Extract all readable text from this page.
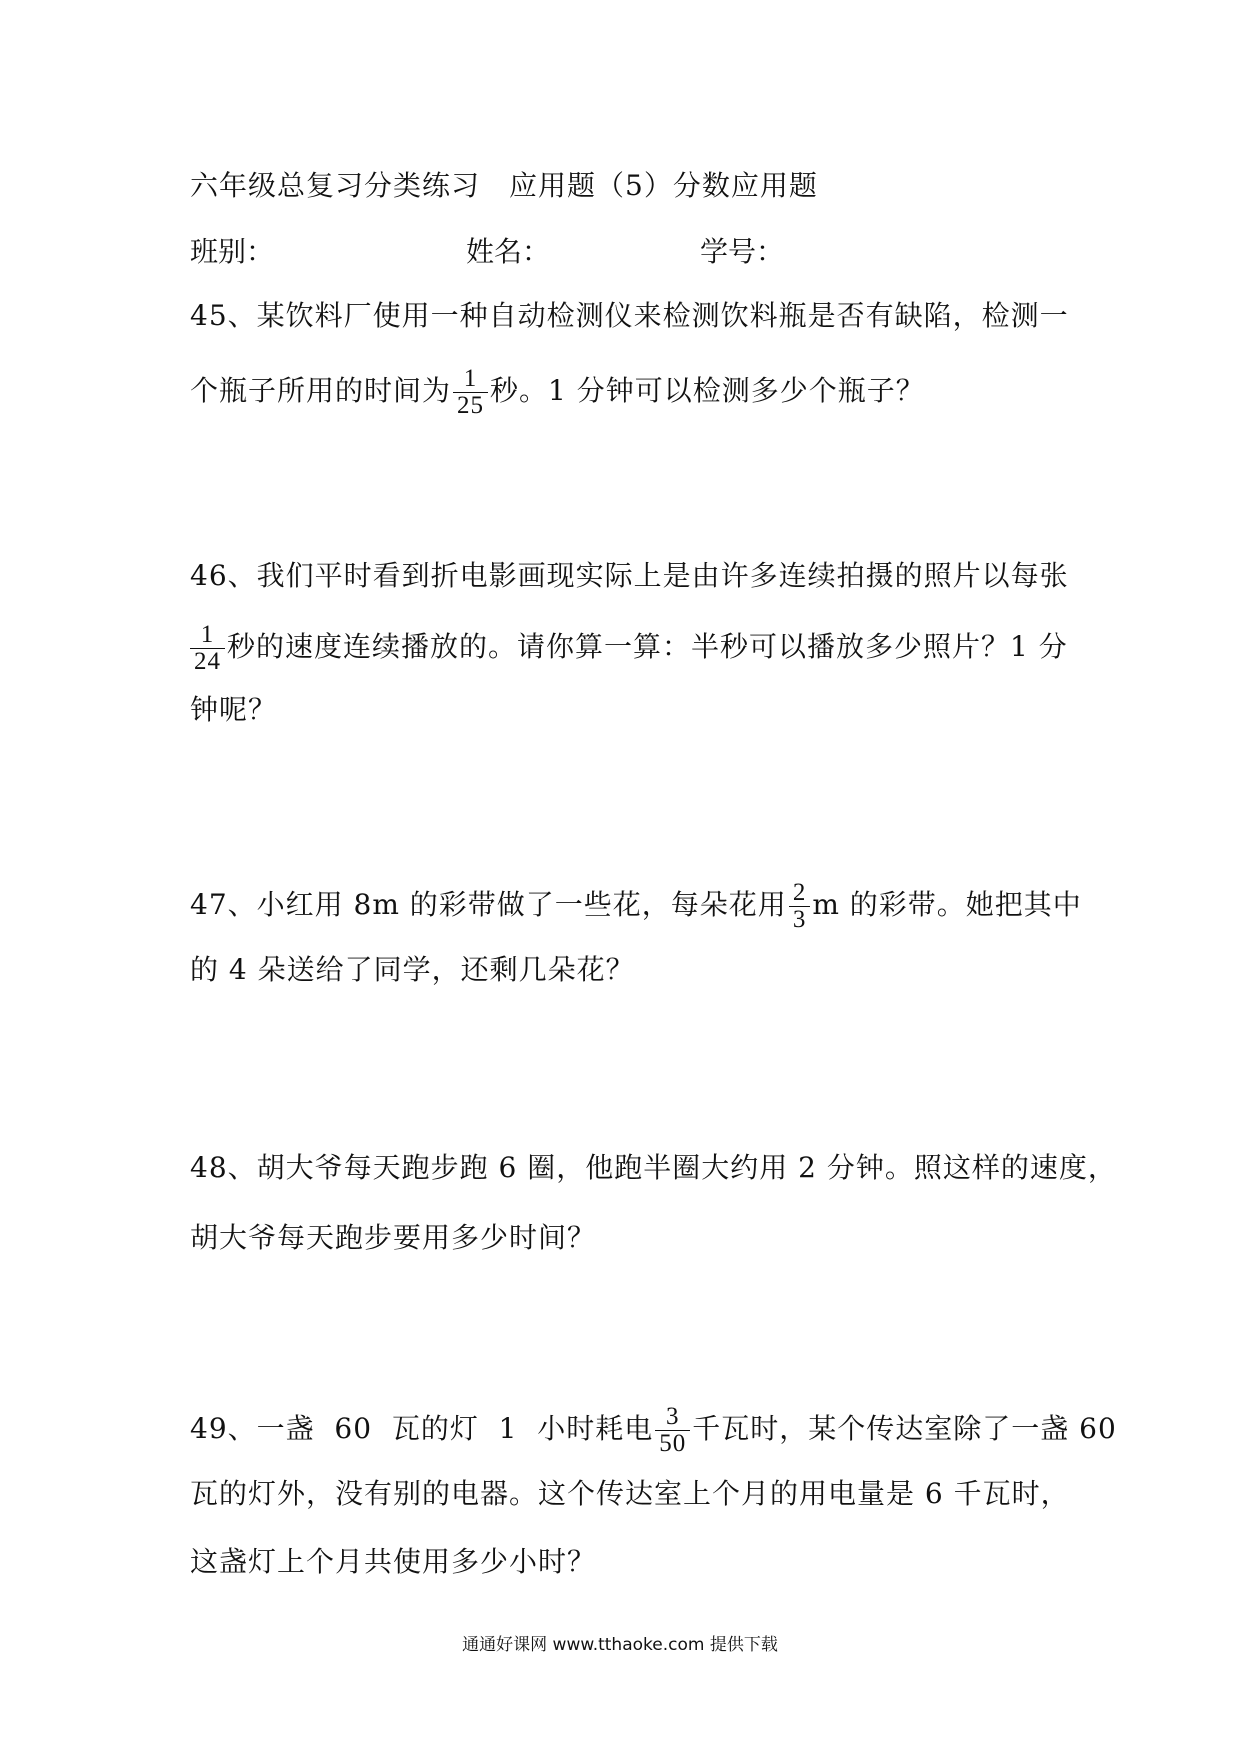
六年级总复习分类练习　应用题（5）分数应用题
班别：	姓名：	学号：
45、某饮料厂使用一种自动检测仪来检测饮料瓶是否有缺陷，检测一
个瓶子所用的时间为 $\frac{1}{25}$ 秒。1 分钟可以检测多少个瓶子？
46、我们平时看到折电影画现实际上是由许多连续拍摄的照片以每张
$\frac{1}{24}$ 秒的速度连续播放的。请你算一算：半秒可以播放多少照片？1 分
钟呢？
47、小红用 8m 的彩带做了一些花，每朵花用 $\frac{2}{3}$ m 的彩带。她把其中
的 4 朵送给了同学，还剩几朵花？
48、胡大爷每天跑步跑 6 圈，他跑半圈大约用 2 分钟。照这样的速度，
胡大爷每天跑步要用多少时间？
49、一盏  60  瓦的灯  1  小时耗电 $\frac{3}{50}$ 千瓦时，某个传达室除了一盏 60
瓦的灯外，没有别的电器。这个传达室上个月的用电量是 6 千瓦时，
这盏灯上个月共使用多少小时？
通通好课网 www.tthaoke.com 提供下载
